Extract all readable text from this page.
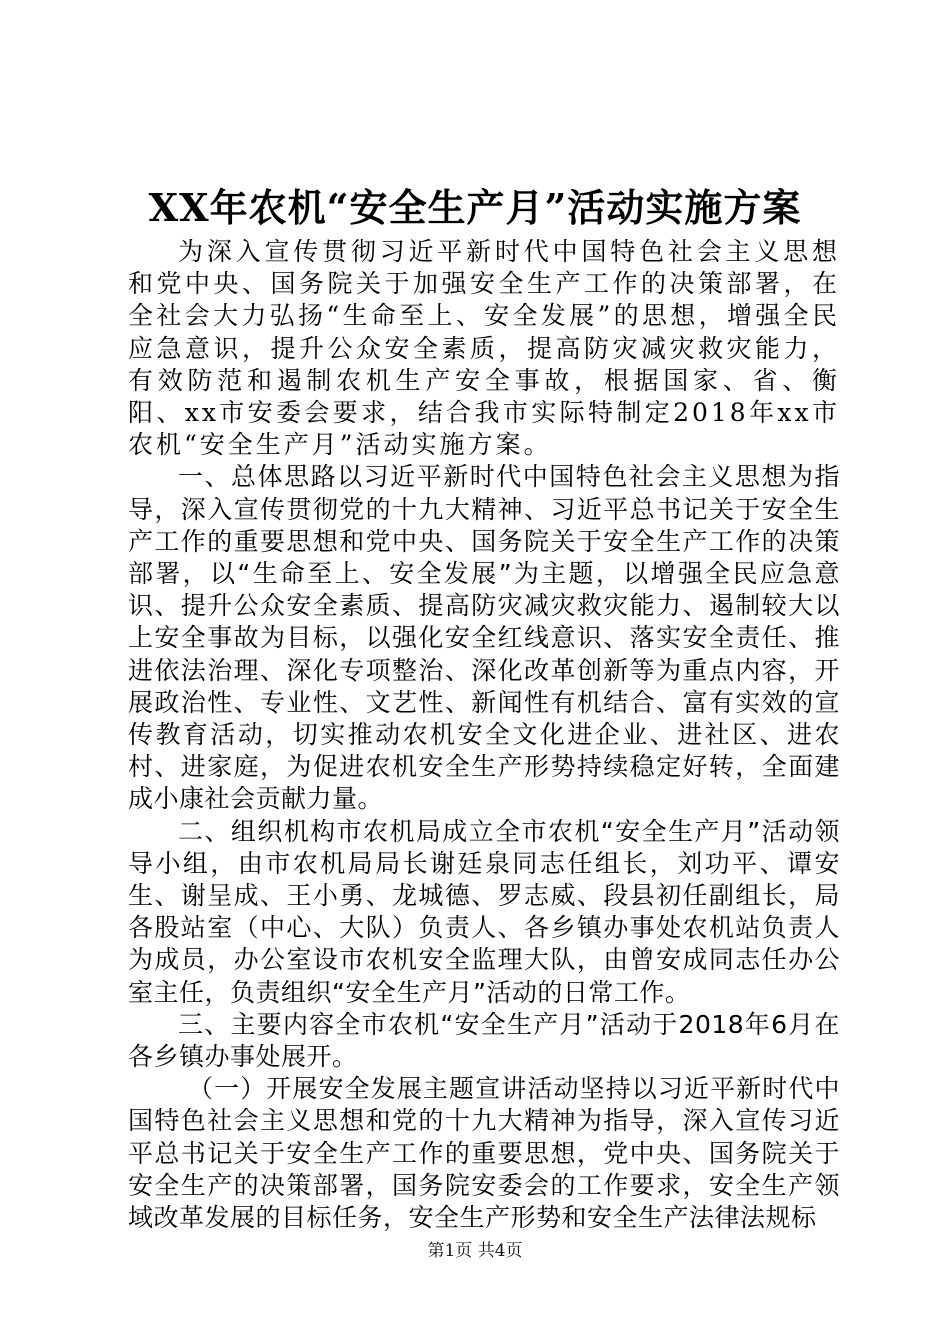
XX年农机“安全生产月”活动实施方案

为深入宣传贯彻习近平新时代中国特色社会主义思想和党中央、国务院关于加强安全生产工作的决策部署，在全社会大力弘扬“生命至上、安全发展”的思想，增强全民应急意识，提升公众安全素质，提高防灾减灾救灾能力，有效防范和遏制农机生产安全事故，根据国家、省、衡阳、xx市安委会要求，结合我市实际特制定2018年xx市农机“安全生产月”活动实施方案。

一、总体思路以习近平新时代中国特色社会主义思想为指导，深入宣传贯彻党的十九大精神、习近平总书记关于安全生产工作的重要思想和党中央、国务院关于安全生产工作的决策部署，以“生命至上、安全发展”为主题，以增强全民应急意识、提升公众安全素质、提高防灾减灾救灾能力、遏制较大以上安全事故为目标，以强化安全红线意识、落实安全责任、推进依法治理、深化专项整治、深化改革创新等为重点内容，开展政治性、专业性、文艺性、新闻性有机结合、富有实效的宣传教育活动，切实推动农机安全文化进企业、进社区、进农村、进家庭，为促进农机安全生产形势持续稳定好转，全面建成小康社会贡献力量。

二、组织机构市农机局成立全市农机“安全生产月”活动领导小组，由市农机局局长谢廷泉同志任组长，刘功平、谭安生、谢呈成、王小勇、龙城德、罗志威、段县初任副组长，局各股站室（中心、大队）负责人、各乡镇办事处农机站负责人为成员，办公室设市农机安全监理大队，由曾安成同志任办公室主任，负责组织“安全生产月”活动的日常工作。

三、主要内容全市农机“安全生产月”活动于2018年6月在各乡镇办事处展开。

（一）开展安全发展主题宣讲活动坚持以习近平新时代中国特色社会主义思想和党的十九大精神为指导，深入宣传习近平总书记关于安全生产工作的重要思想，党中央、国务院关于安全生产的决策部署，国务院安委会的工作要求，安全生产领域改革发展的目标任务，安全生产形势和安全生产法律法规标

第1页 共4页
